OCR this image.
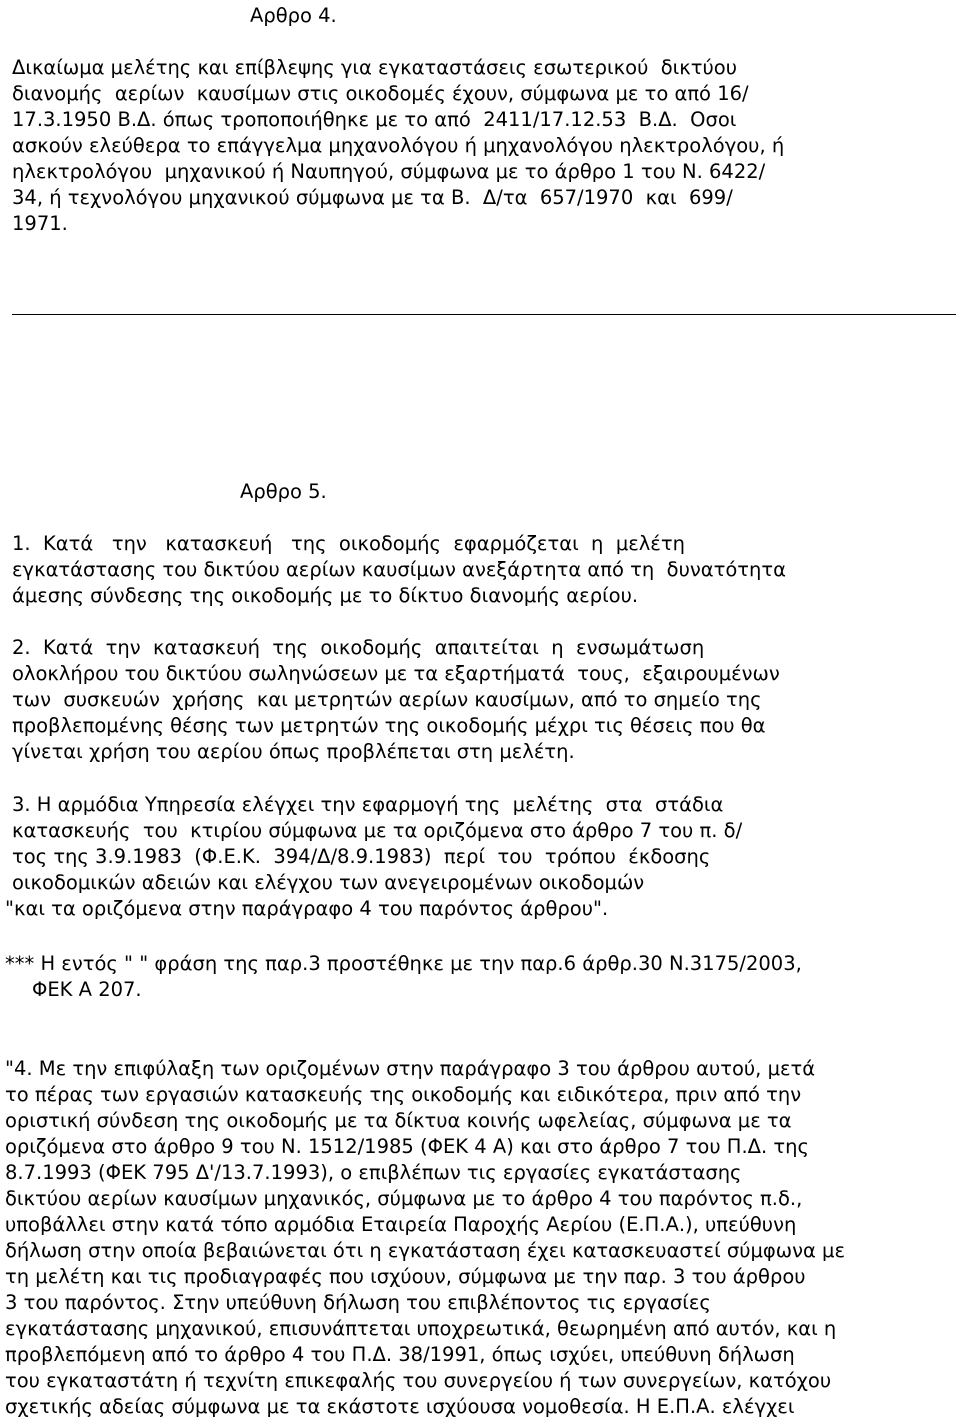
Αρθρο 4.
Δικαίωμα μελέτης και επίβλεψης για εγκαταστάσεις εσωτερικού  δικτύου
διανομής  αερίων  καυσίμων στις οικοδομές έχουν, σύμφωνα με το από 16/
17.3.1950 Β.Δ. όπως τροποποιήθηκε με το από  2411/17.12.53  Β.Δ.  Οσοι
ασκούν ελεύθερα το επάγγελμα μηχανολόγου ή μηχανολόγου ηλεκτρολόγου, ή
ηλεκτρολόγου  μηχανικού ή Ναυπηγού, σύμφωνα με το άρθρο 1 του Ν. 6422/
34, ή τεχνολόγου μηχανικού σύμφωνα με τα Β.  Δ/τα  657/1970  και  699/
1971.
Αρθρο 5.
1.  Κατά   την   κατασκευή   της  οικοδομής  εφαρμόζεται  η  μελέτη
εγκατάστασης του δικτύου αερίων καυσίμων ανεξάρτητα από τη  δυνατότητα
άμεσης σύνδεσης της οικοδομής με το δίκτυο διανομής αερίου.
2.  Κατά  την  κατασκευή  της  οικοδομής  απαιτείται  η  ενσωμάτωση
ολοκλήρου του δικτύου σωληνώσεων με τα εξαρτήματά  τους,  εξαιρουμένων
των  συσκευών  χρήσης  και μετρητών αερίων καυσίμων, από το σημείο της
προβλεπομένης θέσης των μετρητών της οικοδομής μέχρι τις θέσεις που θα
γίνεται χρήση του αερίου όπως προβλέπεται στη μελέτη.
3. Η αρμόδια Υπηρεσία ελέγχει την εφαρμογή της  μελέτης  στα  στάδια
κατασκευής  του  κτιρίου σύμφωνα με τα οριζόμενα στο άρθρο 7 του π. δ/
τος της 3.9.1983  (Φ.Ε.Κ.  394/Δ/8.9.1983)  περί  του  τρόπου  έκδοσης
οικοδομικών αδειών και ελέγχου των ανεγειρομένων οικοδομών
"και τα οριζόμενα στην παράγραφο 4 του παρόντος άρθρου".
*** Η εντός " " φράση της παρ.3 προστέθηκε με την παρ.6 άρθρ.30 Ν.3175/2003,
ΦΕΚ Α 207.
"4. Με την επιφύλαξη των οριζομένων στην παράγραφο 3 του άρθρου αυτού, μετά
το πέρας των εργασιών κατασκευής της οικοδομής και ειδικότερα, πριν από την
οριστική σύνδεση της οικοδομής με τα δίκτυα κοινής ωφελείας, σύμφωνα με τα
οριζόμενα στο άρθρο 9 του Ν. 1512/1985 (ΦΕΚ 4 Α) και στο άρθρο 7 του Π.Δ. της
8.7.1993 (ΦΕΚ 795 Δ'/13.7.1993), ο επιβλέπων τις εργασίες εγκατάστασης
δικτύου αερίων καυσίμων μηχανικός, σύμφωνα με το άρθρο 4 του παρόντος π.δ.,
υποβάλλει στην κατά τόπο αρμόδια Εταιρεία Παροχής Αερίου (Ε.Π.Α.), υπεύθυνη
δήλωση στην οποία βεβαιώνεται ότι η εγκατάσταση έχει κατασκευαστεί σύμφωνα με
τη μελέτη και τις προδιαγραφές που ισχύουν, σύμφωνα με την παρ. 3 του άρθρου
3 του παρόντος. Στην υπεύθυνη δήλωση του επιβλέποντος τις εργασίες
εγκατάστασης μηχανικού, επισυνάπτεται υποχρεωτικά, θεωρημένη από αυτόν, και η
προβλεπόμενη από το άρθρο 4 του Π.Δ. 38/1991, όπως ισχύει, υπεύθυνη δήλωση
του εγκαταστάτη ή τεχνίτη επικεφαλής του συνεργείου ή των συνεργείων, κατόχου
σχετικής αδείας σύμφωνα με τα εκάστοτε ισχύουσα νομοθεσία. Η Ε.Π.Α. ελέγχει
